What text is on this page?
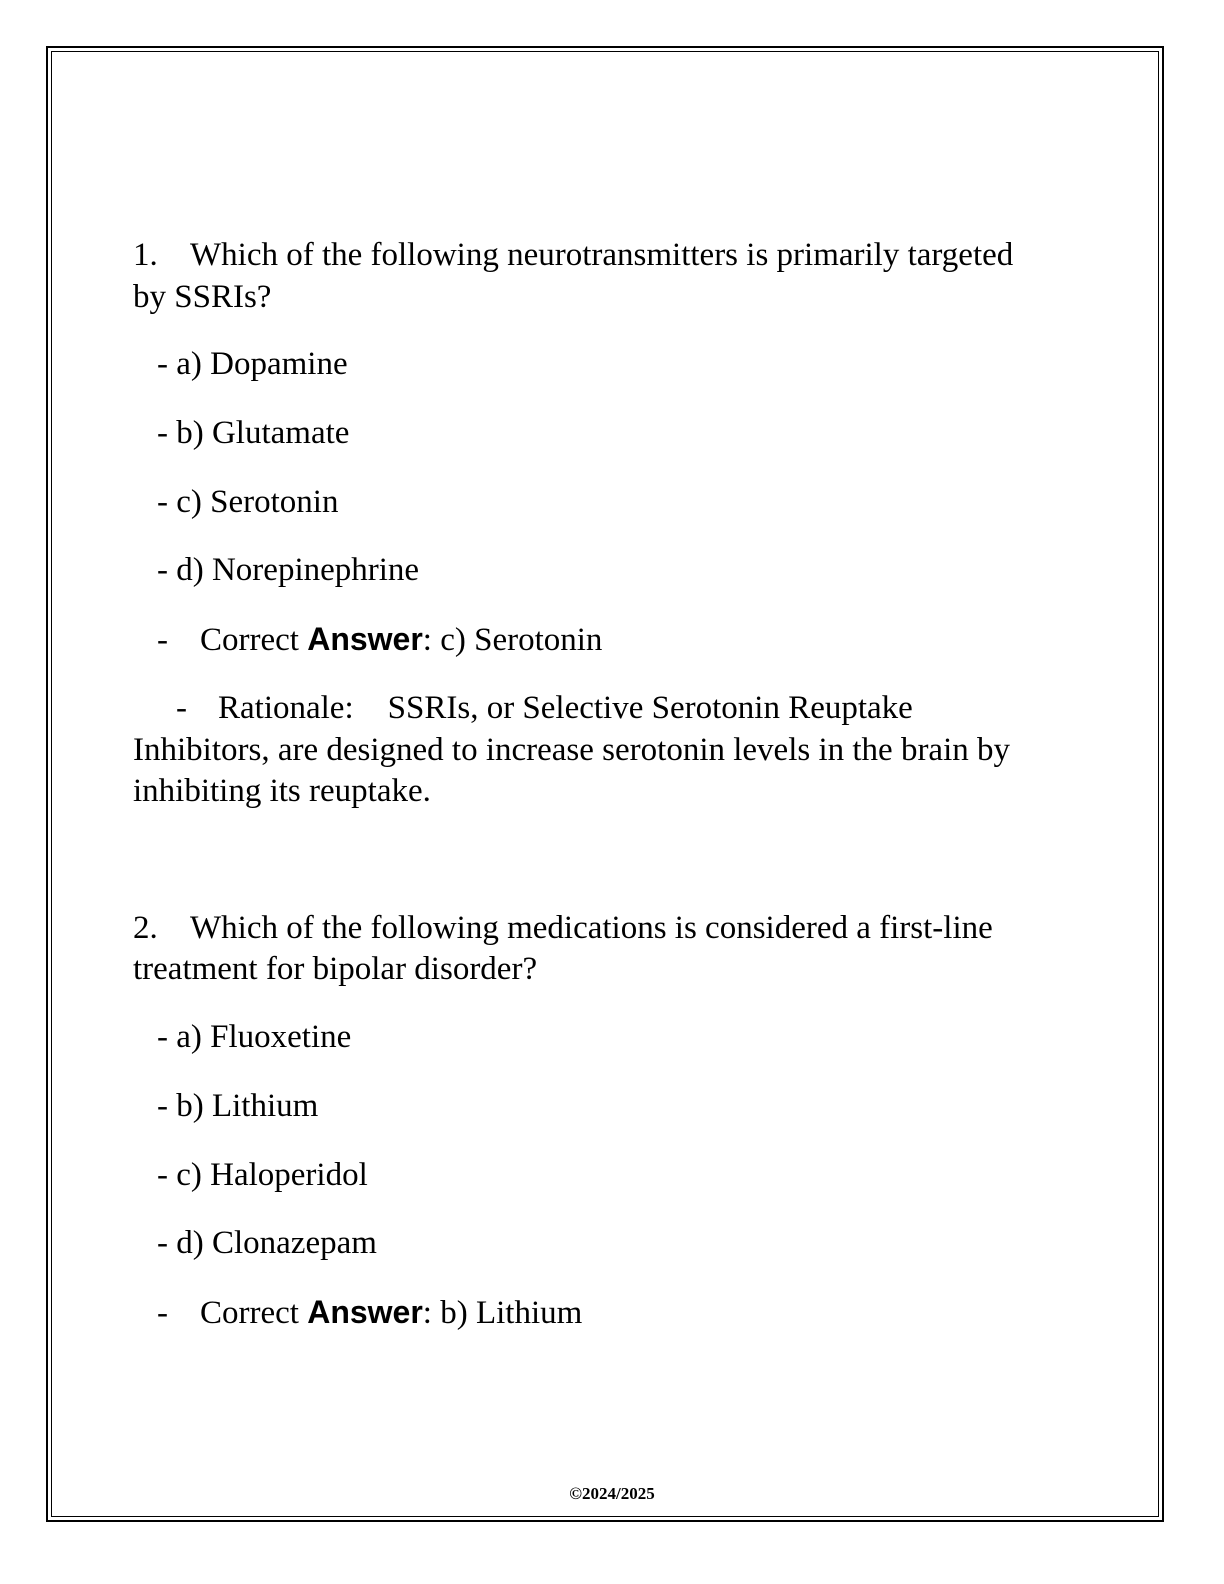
1. Which of the following neurotransmitters is primarily targeted
by SSRIs?
- a) Dopamine
- b) Glutamate
- c) Serotonin
- d) Norepinephrine
- Correct Answer: c) Serotonin
- Rationale: SSRIs, or Selective Serotonin Reuptake
Inhibitors, are designed to increase serotonin levels in the brain by
inhibiting its reuptake.
2. Which of the following medications is considered a first-line
treatment for bipolar disorder?
- a) Fluoxetine
- b) Lithium
- c) Haloperidol
- d) Clonazepam
- Correct Answer: b) Lithium
©2024/2025
